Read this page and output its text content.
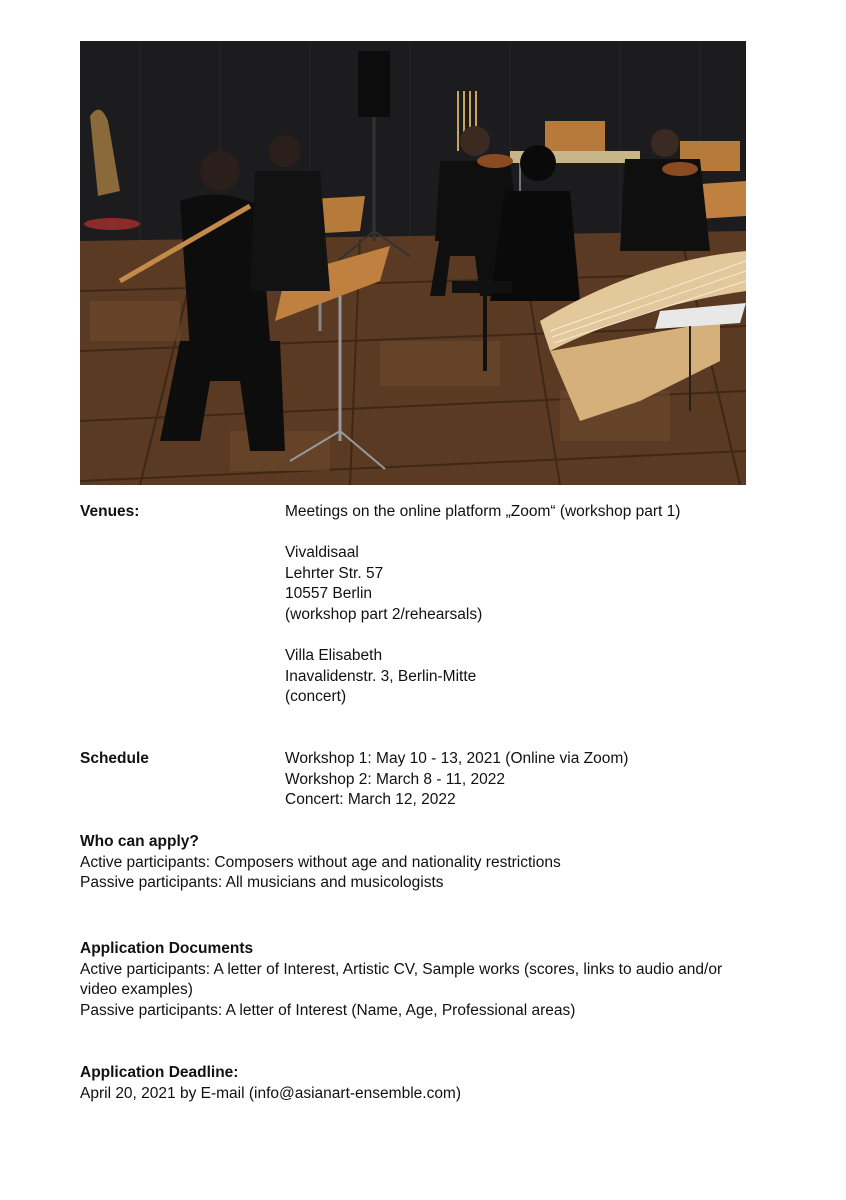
Venues:	Meetings on the online platform „Zoom“ (workshop part 1)

Vivaldisaal
Lehrter Str. 57
10557 Berlin
(workshop part 2/rehearsals)

Villa Elisabeth
Inavalidenstr. 3, Berlin-Mitte
(concert)
Schedule	Workshop 1: May 10 - 13, 2021 (Online via Zoom)
Workshop 2: March 8 - 11, 2022
Concert: March 12, 2022
Who can apply?
Active participants: Composers without age and nationality restrictions
Passive participants: All musicians and musicologists
Application Documents
Active participants: A letter of Interest, Artistic CV, Sample works (scores, links to audio and/or video examples)
Passive participants: A letter of Interest (Name, Age, Professional areas)
Application Deadline:
April 20, 2021 by E-mail (info@asianart-ensemble.com)
